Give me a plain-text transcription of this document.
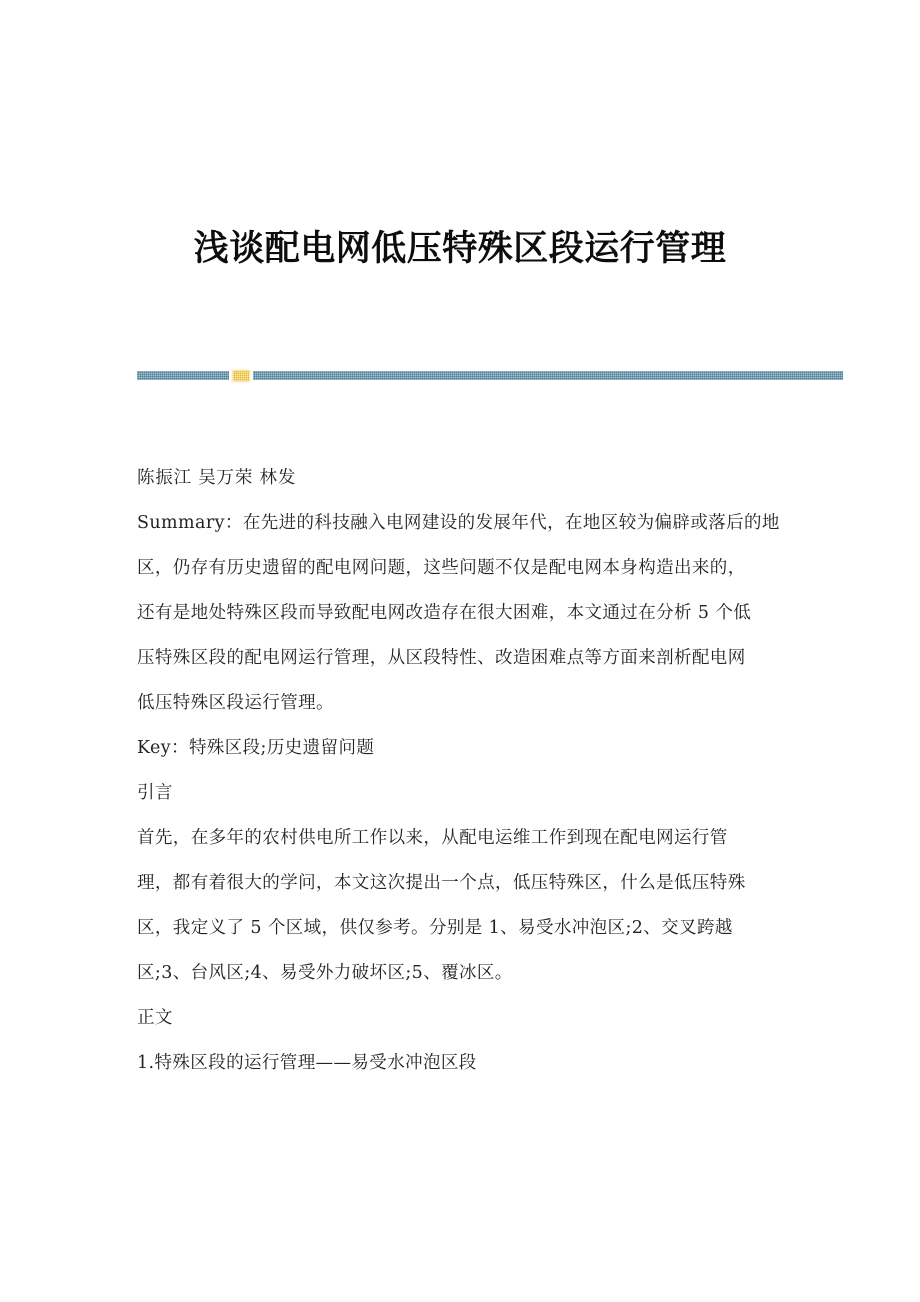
浅谈配电网低压特殊区段运行管理
陈振江 吴万荣 林发
Summary：在先进的科技融入电网建设的发展年代，在地区较为偏辟或落后的地
区，仍存有历史遗留的配电网问题，这些问题不仅是配电网本身构造出来的，
还有是地处特殊区段而导致配电网改造存在很大困难，本文通过在分析 5 个低
压特殊区段的配电网运行管理，从区段特性、改造困难点等方面来剖析配电网
低压特殊区段运行管理。
Key：特殊区段;历史遗留问题
引言
首先，在多年的农村供电所工作以来，从配电运维工作到现在配电网运行管
理，都有着很大的学问，本文这次提出一个点，低压特殊区，什么是低压特殊
区，我定义了 5 个区域，供仅参考。分别是 1、易受水冲泡区;2、交叉跨越
区;3、台风区;4、易受外力破坏区;5、覆冰区。
正文
1.特殊区段的运行管理——易受水冲泡区段
